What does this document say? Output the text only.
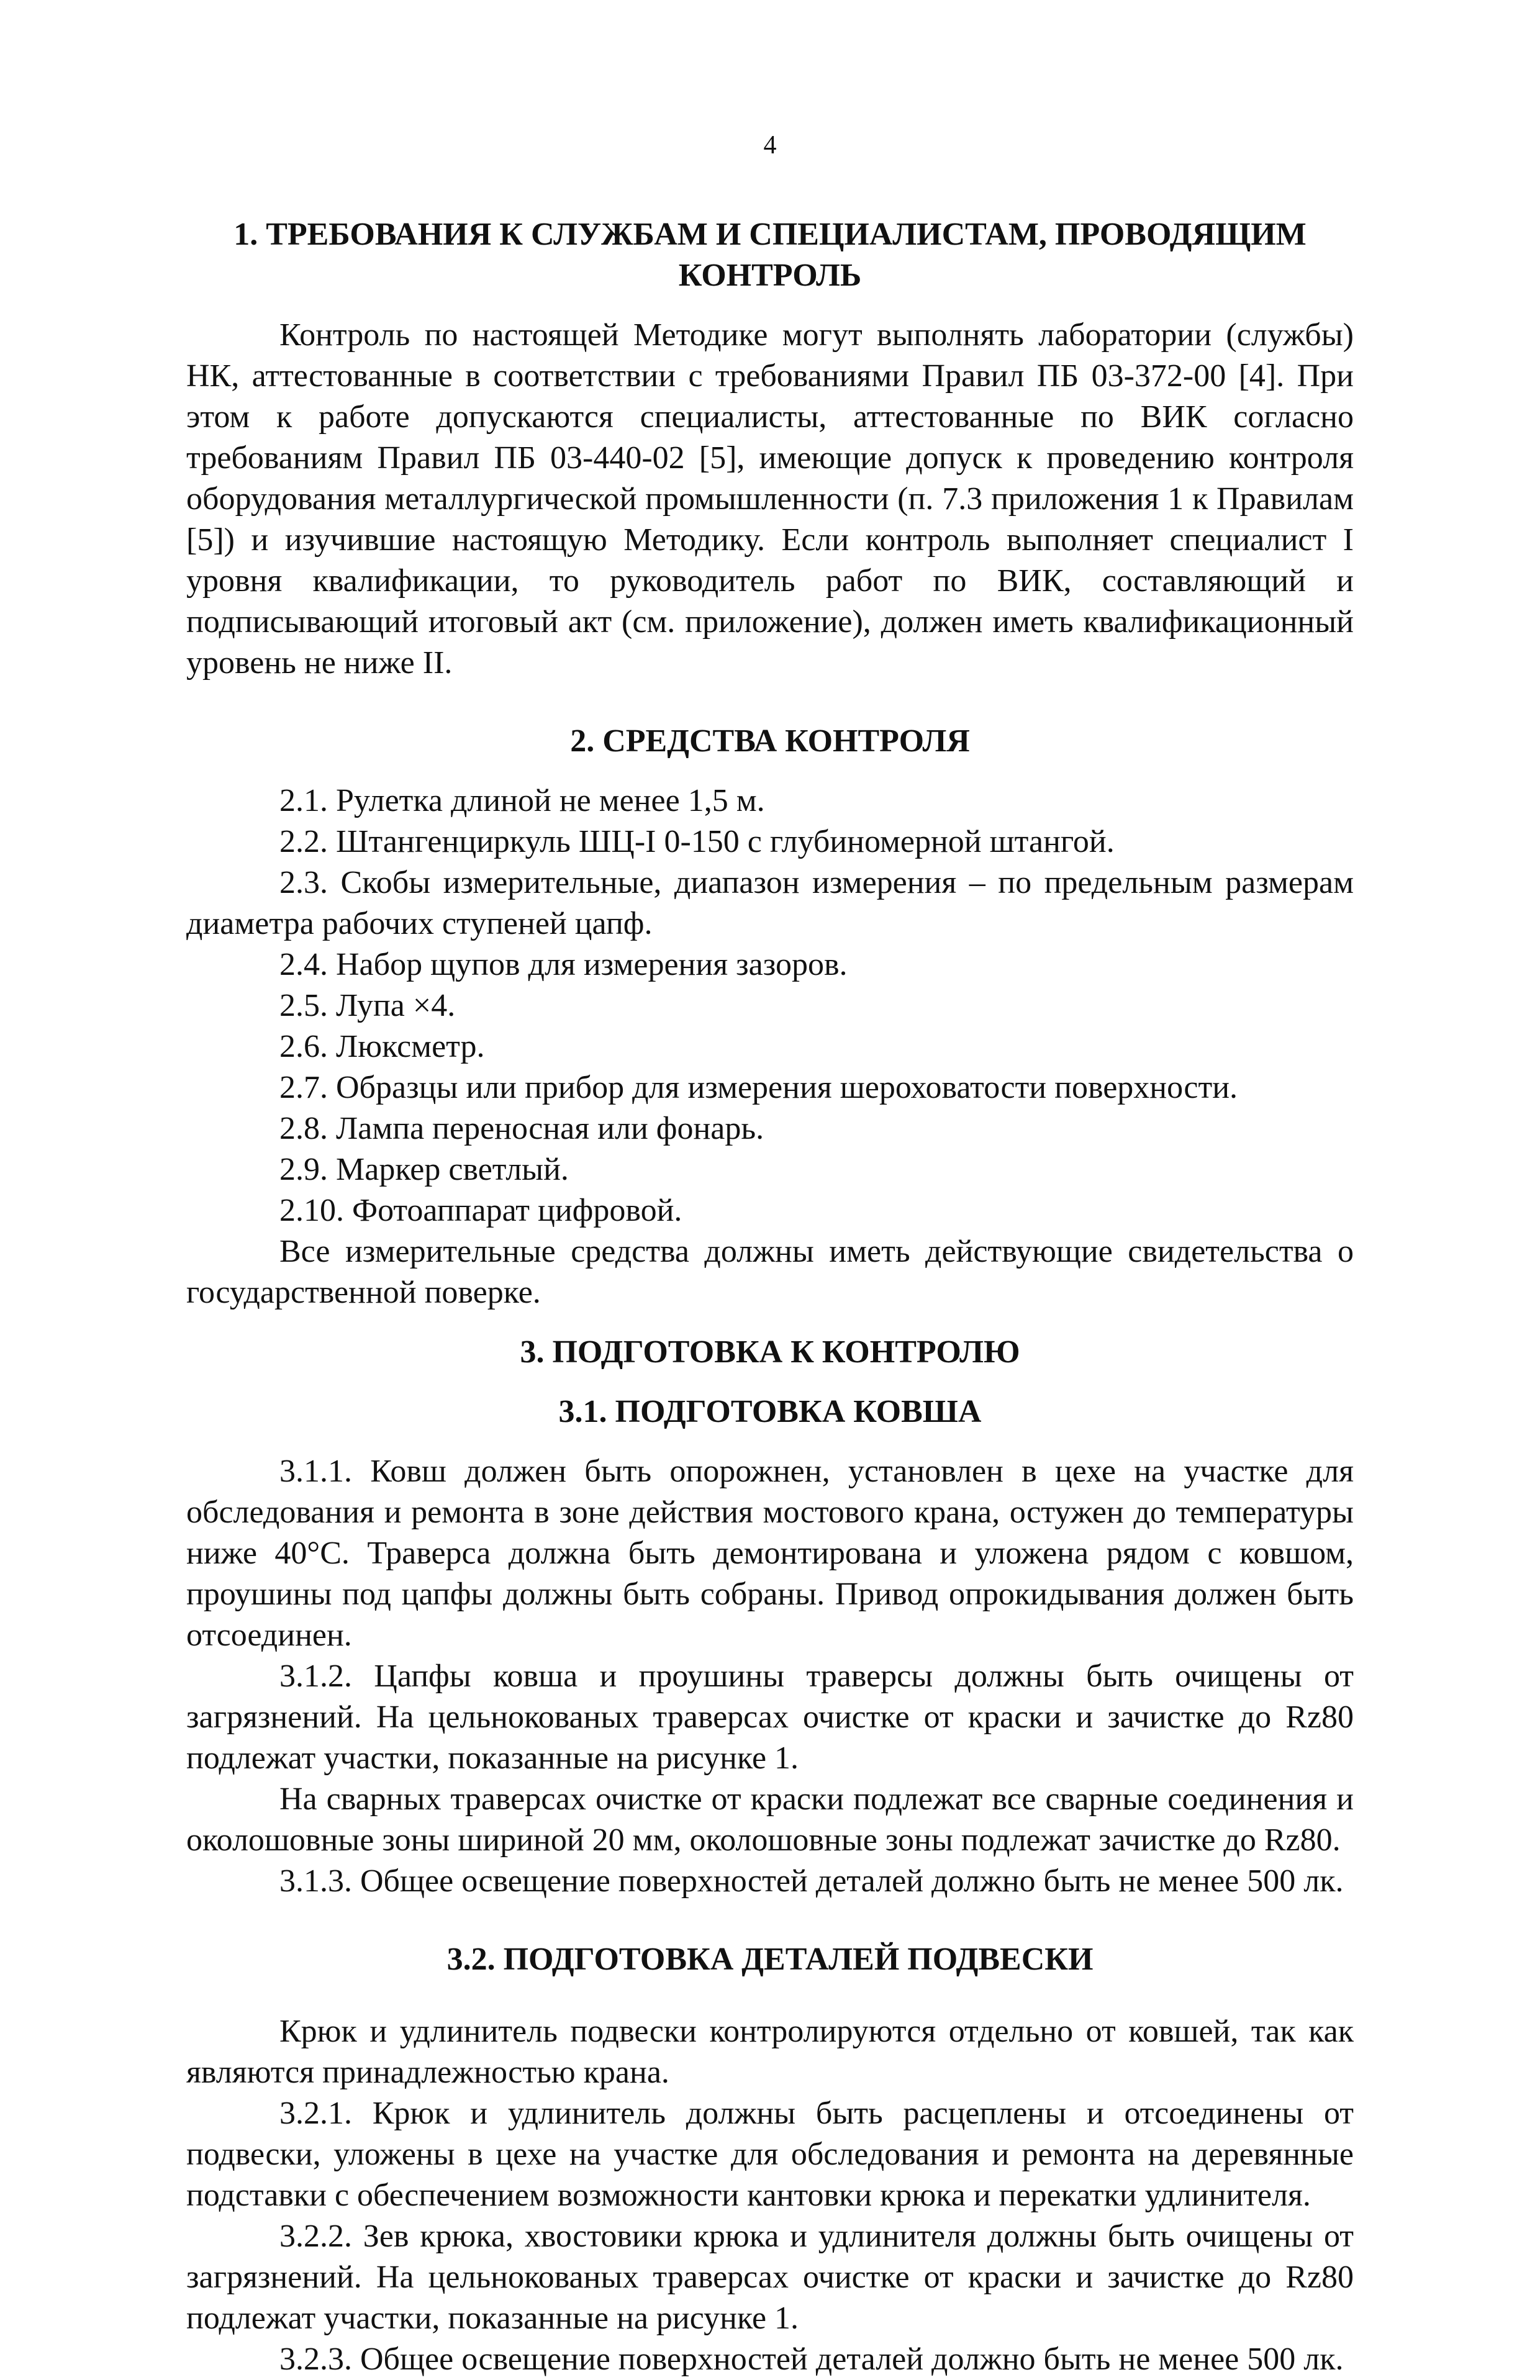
4
1. ТРЕБОВАНИЯ К СЛУЖБАМ И СПЕЦИАЛИСТАМ, ПРОВОДЯЩИМ
КОНТРОЛЬ

Контроль по настоящей Методике могут выполнять лаборатории (службы) НК, аттестованные в соответствии с требованиями Правил ПБ 03-372-00 [4]. При этом к работе допускаются специалисты, аттестованные по ВИК согласно требованиям Правил ПБ 03-440-02 [5], имеющие допуск к проведению контроля оборудования металлургической промышленности (п. 7.3 приложения 1 к Правилам [5]) и изучившие настоящую Методику. Если контроль выполняет специалист I уровня квалификации, то руководитель работ по ВИК, составляющий и подписывающий итоговый акт (см. приложение), должен иметь квалификационный уровень не ниже II.

2. СРЕДСТВА КОНТРОЛЯ

2.1. Рулетка длиной не менее 1,5 м.

2.2. Штангенциркуль ШЦ-I 0-150 с глубиномерной штангой.

2.3. Скобы измерительные, диапазон измерения – по предельным размерам диаметра рабочих ступеней цапф.

2.4. Набор щупов для измерения зазоров.

2.5. Лупа ×4.

2.6. Люксметр.

2.7. Образцы или прибор для измерения шероховатости поверхности.

2.8. Лампа переносная или фонарь.

2.9. Маркер светлый.

2.10. Фотоаппарат цифровой.

Все измерительные средства должны иметь действующие свидетельства о государственной поверке.

3. ПОДГОТОВКА К КОНТРОЛЮ
3.1. ПОДГОТОВКА КОВША

3.1.1. Ковш должен быть опорожнен, установлен в цехе на участке для обследования и ремонта в зоне действия мостового крана, остужен до температуры ниже 40°С. Траверса должна быть демонтирована и уложена рядом с ковшом, проушины под цапфы должны быть собраны. Привод опрокидывания должен быть отсоединен.

3.1.2. Цапфы ковша и проушины траверсы должны быть очищены от загрязнений. На цельнокованых траверсах очистке от краски и зачистке до Rz80 подлежат участки, показанные на рисунке 1.

На сварных траверсах очистке от краски подлежат все сварные соединения и околошовные зоны шириной 20 мм, околошовные зоны подлежат зачистке до Rz80.

3.1.3. Общее освещение поверхностей деталей должно быть не менее 500 лк.

3.2. ПОДГОТОВКА ДЕТАЛЕЙ ПОДВЕСКИ

Крюк и удлинитель подвески контролируются отдельно от ковшей, так как являются принадлежностью крана.

3.2.1. Крюк и удлинитель должны быть расцеплены и отсоединены от подвески, уложены в цехе на участке для обследования и ремонта на деревянные подставки с обеспечением возможности кантовки крюка и перекатки удлинителя.

3.2.2. Зев крюка, хвостовики крюка и удлинителя должны быть очищены от загрязнений. На цельнокованых траверсах очистке от краски и зачистке до Rz80 подлежат участки, показанные на рисунке 1.

3.2.3. Общее освещение поверхностей деталей должно быть не менее 500 лк.
